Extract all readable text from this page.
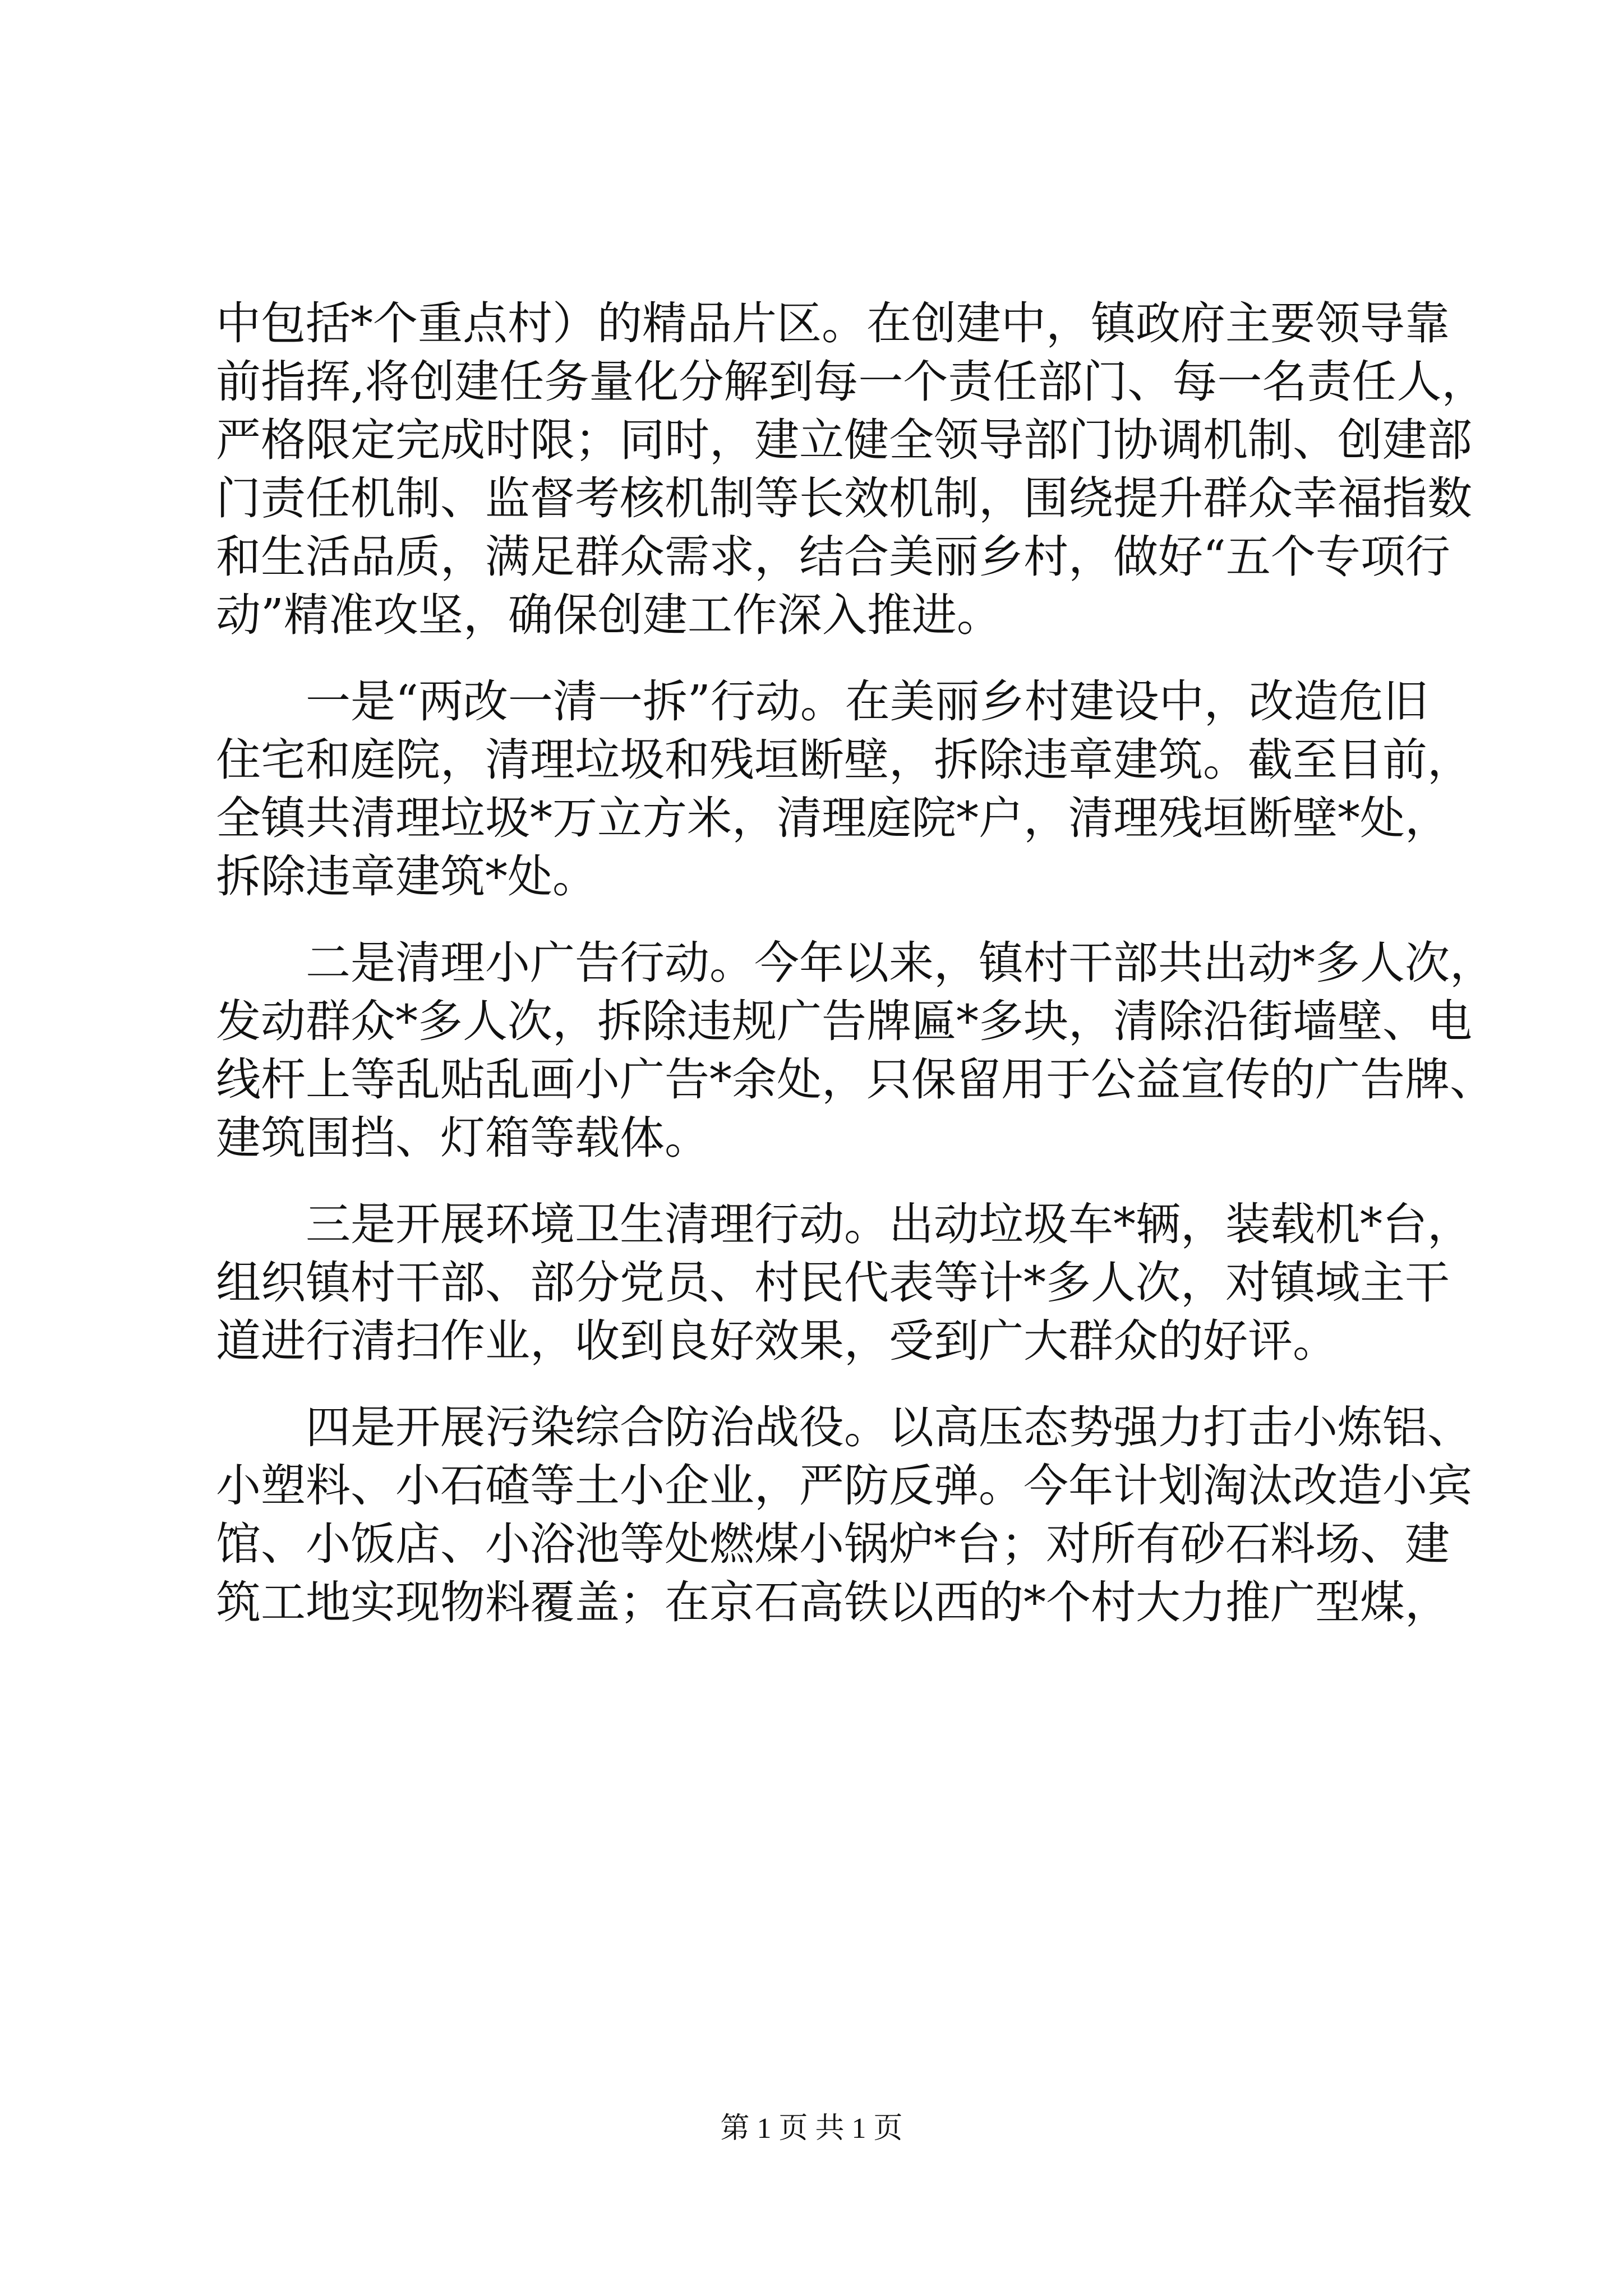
中包括*个重点村）的精品片区。在创建中，镇政府主要领导靠
前指挥,将创建任务量化分解到每一个责任部门、每一名责任人，
严格限定完成时限；同时，建立健全领导部门协调机制、创建部
门责任机制、监督考核机制等长效机制，围绕提升群众幸福指数
和生活品质，满足群众需求，结合美丽乡村，做好“五个专项行
动”精准攻坚，确保创建工作深入推进。
　　一是“两改一清一拆”行动。在美丽乡村建设中，改造危旧
住宅和庭院，清理垃圾和残垣断壁，拆除违章建筑。截至目前，
全镇共清理垃圾*万立方米，清理庭院*户，清理残垣断壁*处，
拆除违章建筑*处。
　　二是清理小广告行动。今年以来，镇村干部共出动*多人次，
发动群众*多人次，拆除违规广告牌匾*多块，清除沿街墙壁、电
线杆上等乱贴乱画小广告*余处，只保留用于公益宣传的广告牌、
建筑围挡、灯箱等载体。
　　三是开展环境卫生清理行动。出动垃圾车*辆，装载机*台，
组织镇村干部、部分党员、村民代表等计*多人次，对镇域主干
道进行清扫作业，收到良好效果，受到广大群众的好评。
　　四是开展污染综合防治战役。以高压态势强力打击小炼铝、
小塑料、小石碴等土小企业，严防反弹。今年计划淘汰改造小宾
馆、小饭店、小浴池等处燃煤小锅炉*台；对所有砂石料场、建
筑工地实现物料覆盖；在京石高铁以西的*个村大力推广型煤，
第 1 页 共 1 页
